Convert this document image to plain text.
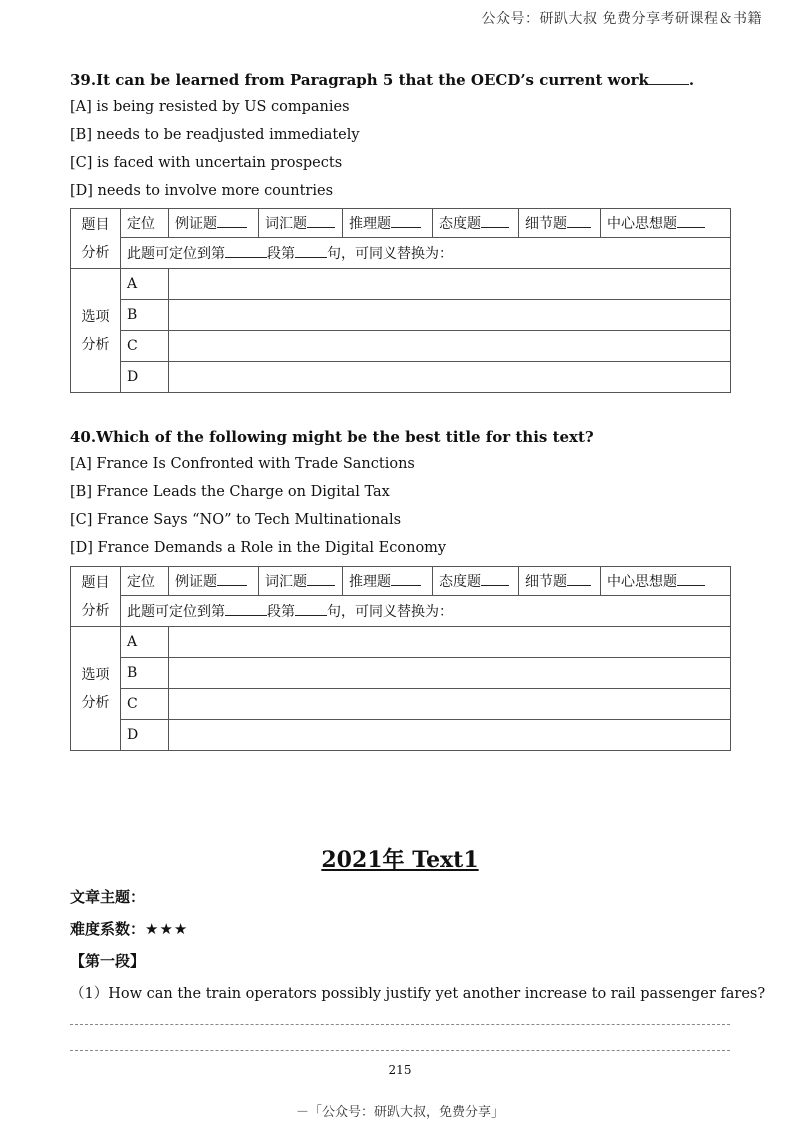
公众号：研趴大叔 免费分享考研课程＆书籍
39.It can be learned from Paragraph 5 that the OECD’s current work	.
[A] is being resisted by US companies
[B] needs to be readjusted immediately
[C] is faced with uncertain prospects
[D] needs to involve more countries
题目
分析	定位	例证题	词汇题	推理题	态度题	细节题	中心思想题
	此题可定位到第 段第 句，可同义替换为：						

选项
分析	A						
	B						
	C						
	D						
40.Which of the following might be the best title for this text?
[A] France Is Confronted with Trade Sanctions
[B] France Leads the Charge on Digital Tax
[C] France Says “NO” to Tech Multinationals
[D] France Demands a Role in the Digital Economy
题目
分析	定位	例证题	词汇题	推理题	态度题	细节题	中心思想题
	此题可定位到第 段第 句，可同义替换为：						

选项
分析	A						
	B						
	C						
	D						
2021年 Text1
文章主题：
难度系数：★★★
【第一段】
（1）How can the train operators possibly justify yet another increase to rail passenger fares?
215
－「公众号：研趴大叔，免费分享」
